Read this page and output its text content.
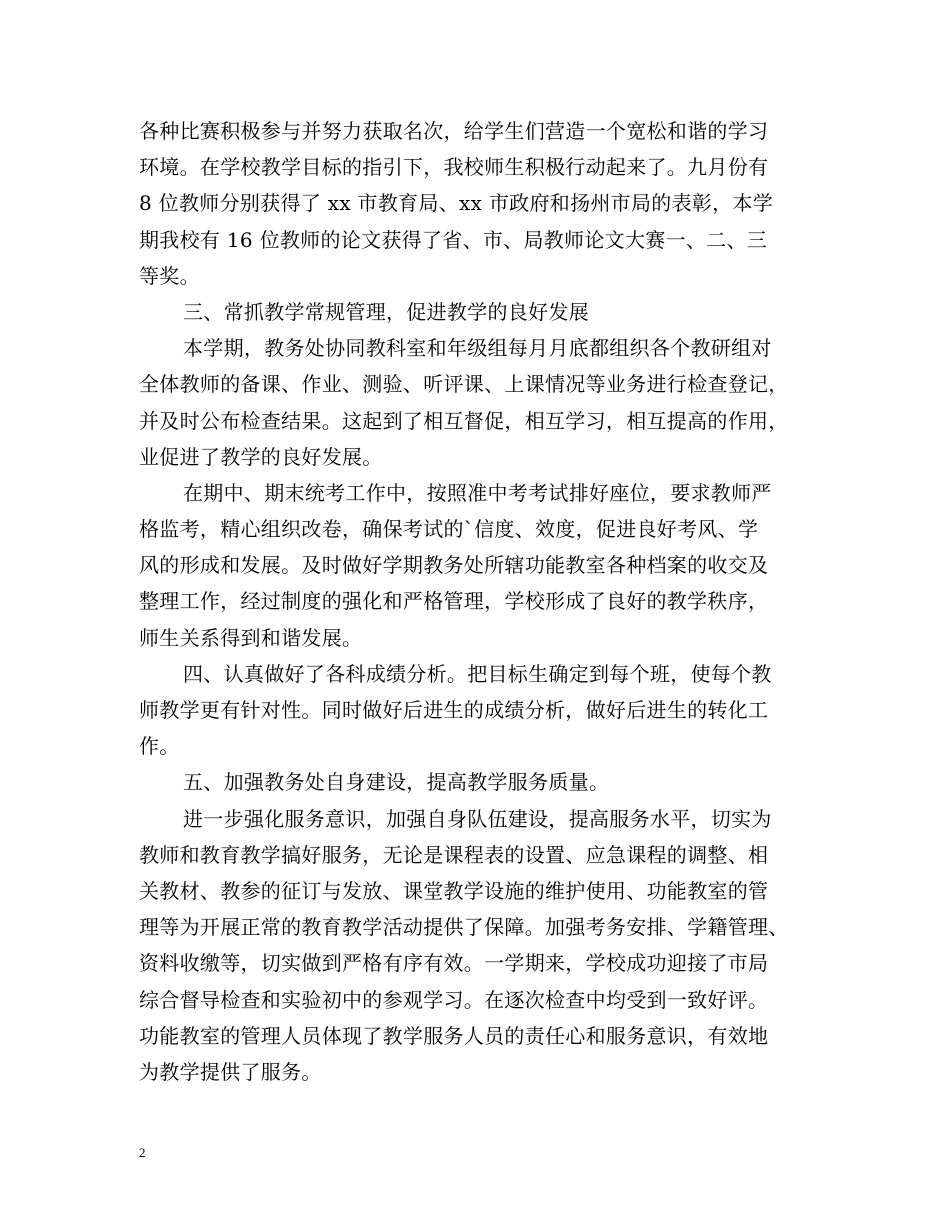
各种比赛积极参与并努力获取名次，给学生们营造一个宽松和谐的学习
环境。在学校教学目标的指引下，我校师生积极行动起来了。九月份有
8 位教师分别获得了 xx 市教育局、xx 市政府和扬州市局的表彰，本学
期我校有 16 位教师的论文获得了省、市、局教师论文大赛一、二、三
等奖。
三、常抓教学常规管理，促进教学的良好发展
本学期，教务处协同教科室和年级组每月月底都组织各个教研组对
全体教师的备课、作业、测验、听评课、上课情况等业务进行检查登记，
并及时公布检查结果。这起到了相互督促，相互学习，相互提高的作用，
业促进了教学的良好发展。
在期中、期末统考工作中，按照准中考考试排好座位，要求教师严
格监考，精心组织改卷，确保考试的`信度、效度，促进良好考风、学
风的形成和发展。及时做好学期教务处所辖功能教室各种档案的收交及
整理工作，经过制度的强化和严格管理，学校形成了良好的教学秩序，
师生关系得到和谐发展。
四、认真做好了各科成绩分析。把目标生确定到每个班，使每个教
师教学更有针对性。同时做好后进生的成绩分析，做好后进生的转化工
作。
五、加强教务处自身建设，提高教学服务质量。
进一步强化服务意识，加强自身队伍建设，提高服务水平，切实为
教师和教育教学搞好服务，无论是课程表的设置、应急课程的调整、相
关教材、教参的征订与发放、课堂教学设施的维护使用、功能教室的管
理等为开展正常的教育教学活动提供了保障。加强考务安排、学籍管理、
资料收缴等，切实做到严格有序有效。一学期来，学校成功迎接了市局
综合督导检查和实验初中的参观学习。在逐次检查中均受到一致好评。
功能教室的管理人员体现了教学服务人员的责任心和服务意识，有效地
为教学提供了服务。
2
